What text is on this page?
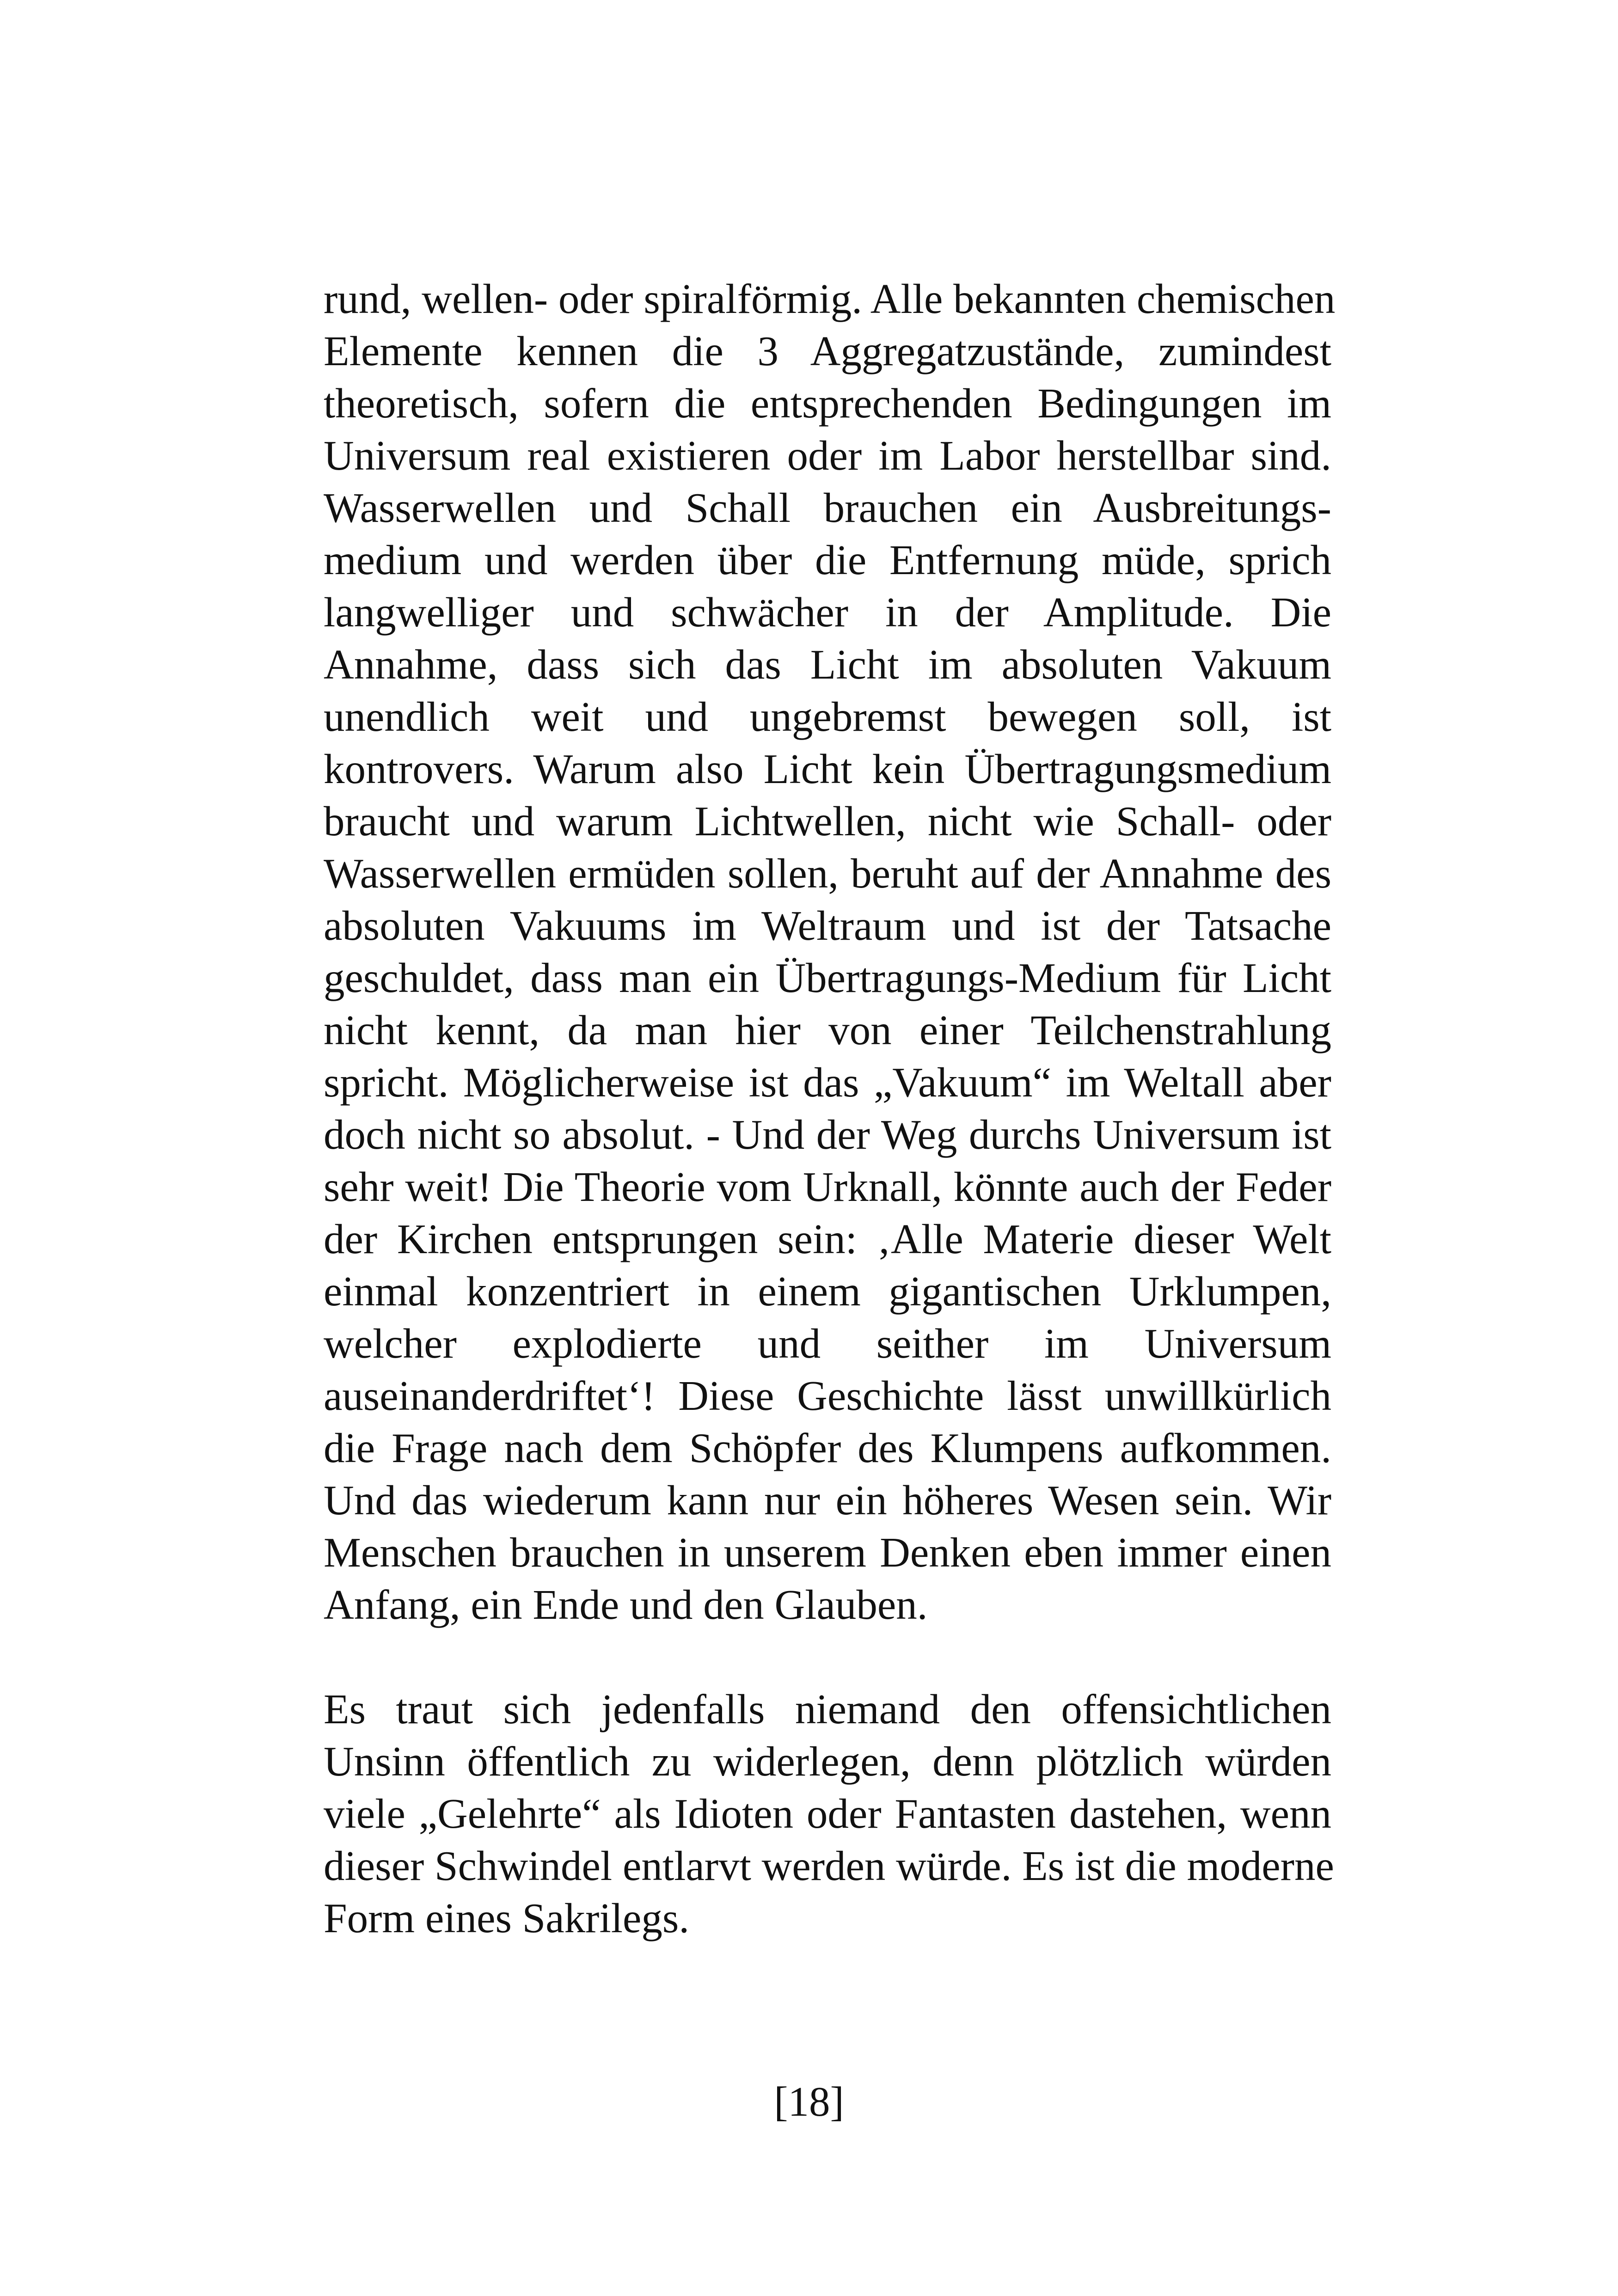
rund, wellen- oder spiralförmig. Alle bekannten chemischen
Elemente kennen die 3 Aggregatzustände, zumindest
theoretisch, sofern die entsprechenden Bedingungen im
Universum real existieren oder im Labor herstellbar sind.
Wasserwellen und Schall brauchen ein Ausbreitungs-
medium und werden über die Entfernung müde, sprich
langwelliger und schwächer in der Amplitude. Die
Annahme, dass sich das Licht im absoluten Vakuum
unendlich weit und ungebremst bewegen soll, ist
kontrovers. Warum also Licht kein Übertragungsmedium
braucht und warum Lichtwellen, nicht wie Schall- oder
Wasserwellen ermüden sollen, beruht auf der Annahme des
absoluten Vakuums im Weltraum und ist der Tatsache
geschuldet, dass man ein Übertragungs-Medium für Licht
nicht kennt, da man hier von einer Teilchenstrahlung
spricht. Möglicherweise ist das „Vakuum“ im Weltall aber
doch nicht so absolut. - Und der Weg durchs Universum ist
sehr weit! Die Theorie vom Urknall, könnte auch der Feder
der Kirchen entsprungen sein: ‚Alle Materie dieser Welt
einmal konzentriert in einem gigantischen Urklumpen,
welcher explodierte und seither im Universum
auseinanderdriftet‘! Diese Geschichte lässt unwillkürlich
die Frage nach dem Schöpfer des Klumpens aufkommen.
Und das wiederum kann nur ein höheres Wesen sein. Wir
Menschen brauchen in unserem Denken eben immer einen
Anfang, ein Ende und den Glauben.
Es traut sich jedenfalls niemand den offensichtlichen
Unsinn öffentlich zu widerlegen, denn plötzlich würden
viele „Gelehrte“ als Idioten oder Fantasten dastehen, wenn
dieser Schwindel entlarvt werden würde. Es ist die moderne
Form eines Sakrilegs.
[18]
